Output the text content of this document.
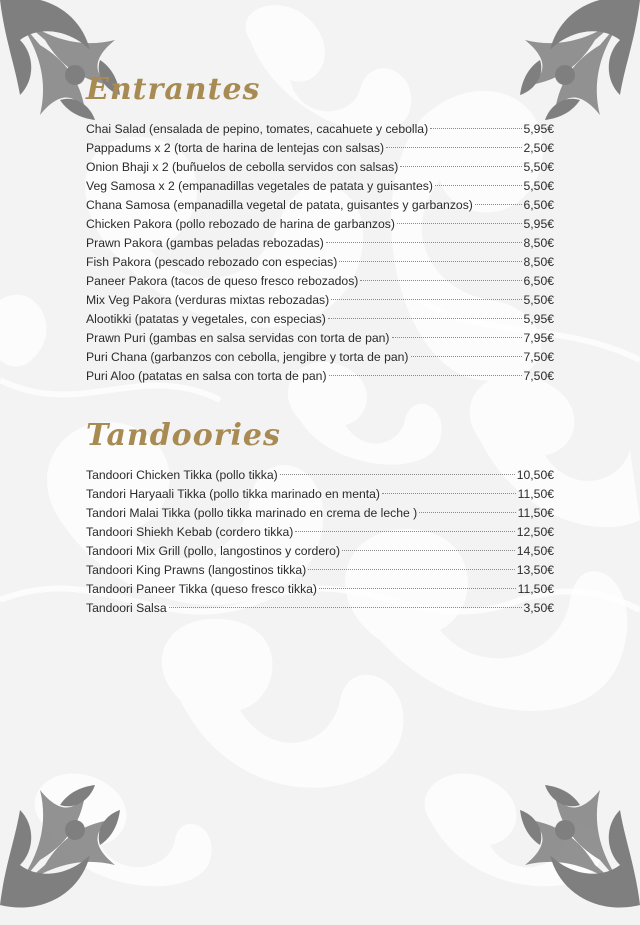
Entrantes
Chai Salad (ensalada de pepino, tomates, cacahuete y cebolla)	5,95€
Pappadums x 2 (torta de harina de lentejas con salsas)	2,50€
Onion Bhaji x 2 (buñuelos de cebolla servidos con salsas)	5,50€
Veg Samosa x 2 (empanadillas vegetales de patata y guisantes)	5,50€
Chana Samosa (empanadilla vegetal de patata, guisantes y garbanzos)	6,50€
Chicken Pakora (pollo rebozado de harina de garbanzos)	5,95€
Prawn Pakora (gambas peladas rebozadas)	8,50€
Fish Pakora (pescado rebozado con especias)	8,50€
Paneer Pakora (tacos de queso fresco rebozados)	6,50€
Mix Veg Pakora (verduras mixtas rebozadas)	5,50€
Alootikki (patatas y vegetales, con especias)	5,95€
Prawn Puri (gambas en salsa servidas con torta de pan)	7,95€
Puri Chana (garbanzos con cebolla, jengibre y torta de pan)	7,50€
Puri Aloo (patatas en salsa con torta de pan)	7,50€
Tandoories
Tandoori Chicken Tikka (pollo tikka)	10,50€
Tandori Haryaali Tikka (pollo tikka marinado en menta)	11,50€
Tandori Malai Tikka (pollo tikka marinado en crema de leche )	11,50€
Tandoori Shiekh Kebab (cordero tikka)	12,50€
Tandoori Mix Grill (pollo, langostinos y cordero)	14,50€
Tandoori King Prawns (langostinos tikka)	13,50€
Tandoori Paneer Tikka (queso fresco tikka)	11,50€
Tandoori Salsa	3,50€
